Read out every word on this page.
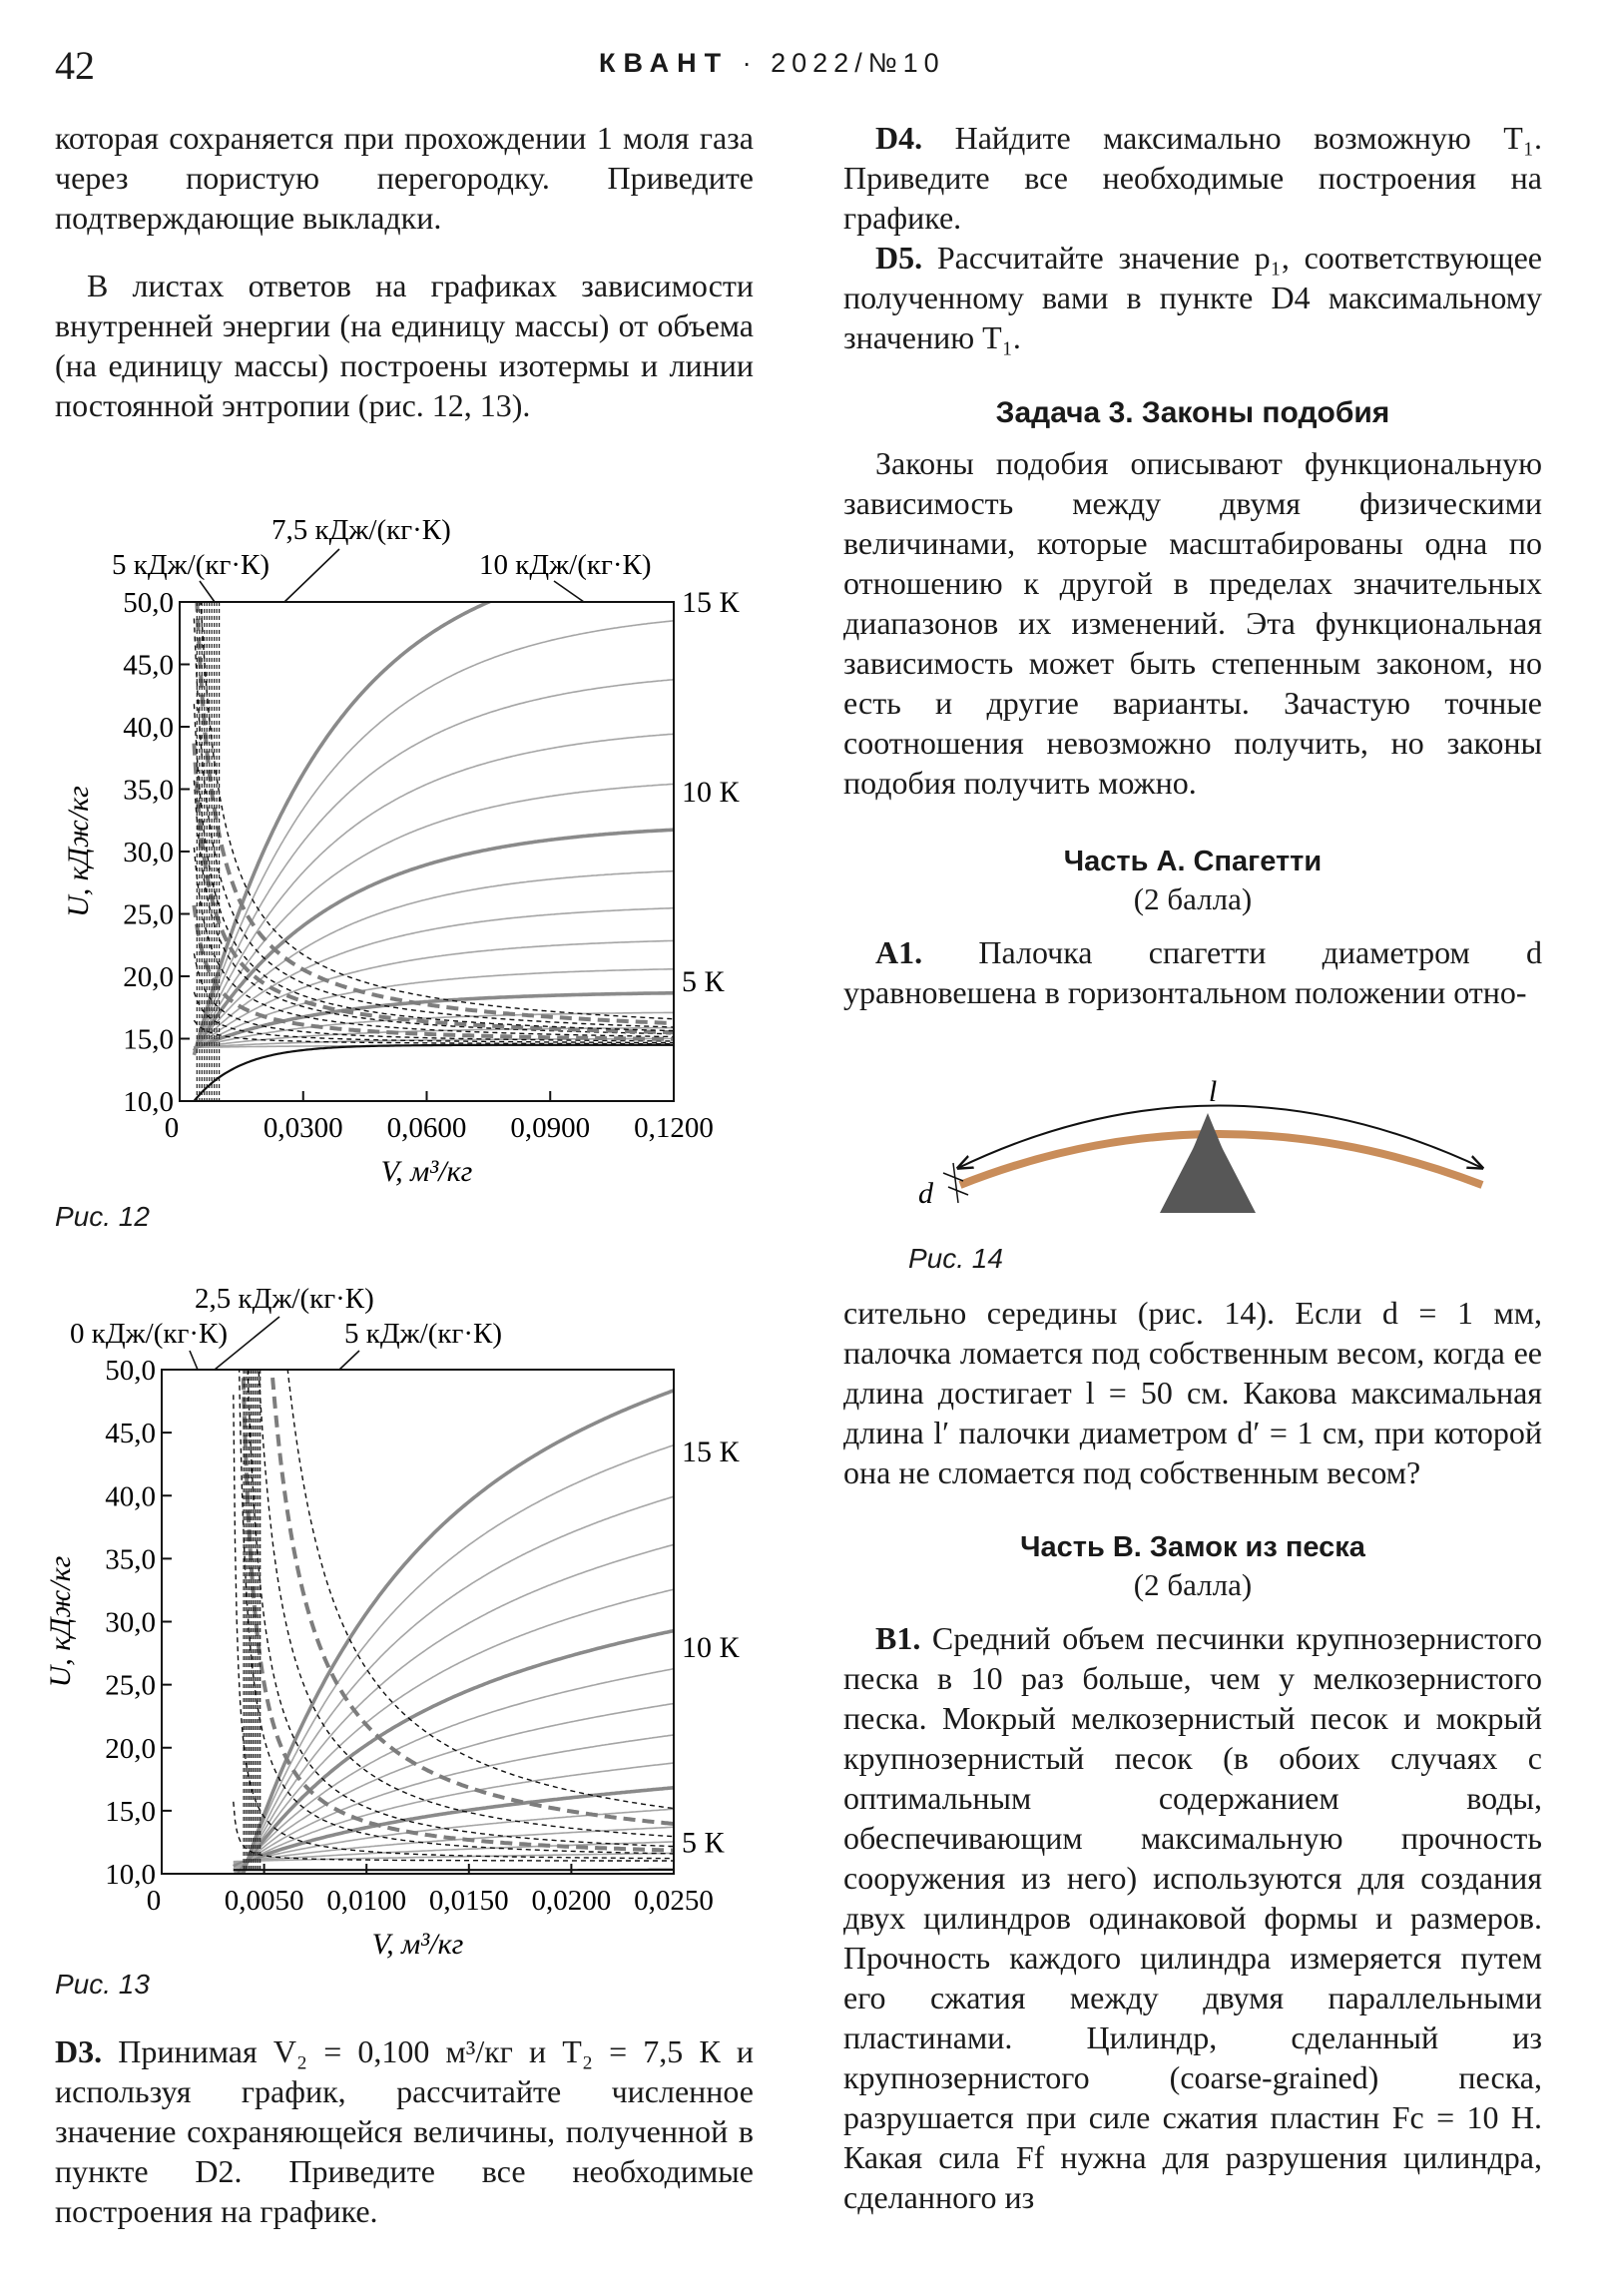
42	КВАНТ · 2022/№10

которая сохраняется при прохождении 1 моля газа через пористую перегородку. Приведите подтверждающие выкладки.

В листах ответов на графиках зависимости внутренней энергии (на единицу массы) от объема (на единицу массы) построены изотермы и линии постоянной энтропии (рис. 12, 13).

10,0
15,0
20,0
25,0
30,0
35,0
40,0
45,0
50,0
0	0,0300 0,0600 0,0900 0,1200
V, м³/кг
U, кДж/кг
15 К
10 К
5 К
5 кДж/(кг·К)
7,5 кДж/(кг·К)
10 кДж/(кг·К)
Рис. 12
10,0
15,0
20,0
25,0
30,0
35,0
40,0
45,0
50,0
0 0,0050 0,0100 0,0150 0,0200 0,0250
V, м³/кг
U, кДж/кг
15 К
10 К
5 К
0 кДж/(кг·К)
2,5 кДж/(кг·К)
5 кДж/(кг·К)
Рис. 13

D3. Принимая V₂ = 0,100 м³/кг и T₂ = 7,5 К и используя график, рассчитайте численное значение сохраняющейся величины, полученной в пункте D2. Приведите все необходимые построения на графике.

D4. Найдите максимально возможную T₁. Приведите все необходимые построения на графике.

D5. Рассчитайте значение p₁, соответствующее полученному вами в пункте D4 максимальному значению T₁.

Задача 3. Законы подобия

Законы подобия описывают функциональную зависимость между двумя физическими величинами, которые масштабированы одна по отношению к другой в пределах значительных диапазонов их изменений. Эта функциональная зависимость может быть степенным законом, но есть и другие варианты. Зачастую точные соотношения невозможно получить, но законы подобия получить можно.

Часть А. Спагетти
(2 балла)

A1. Палочка спагетти диаметром d уравновешена в горизонтальном положении отно-

l
d
Рис. 14

сительно середины (рис. 14). Если d = 1 мм, палочка ломается под собственным весом, когда ее длина достигает l = 50 см. Какова максимальная длина l′ палочки диаметром d′ = 1 см, при которой она не сломается под собственным весом?

Часть B. Замок из песка
(2 балла)

B1. Средний объем песчинки крупнозернистого песка в 10 раз больше, чем у мелкозернистого песка. Мокрый мелкозернистый песок и мокрый крупнозернистый песок (в обоих случаях с оптимальным содержанием воды, обеспечивающим максимальную прочность сооружения из него) используются для создания двух цилиндров одинаковой формы и размеров. Прочность каждого цилиндра измеряется путем его сжатия между двумя параллельными пластинами. Цилиндр, сделанный из крупнозернистого (coarse-grained) песка, разрушается при силе сжатия пластин Fc = 10 Н. Какая сила Ff нужна для разрушения цилиндра, сделанного из
